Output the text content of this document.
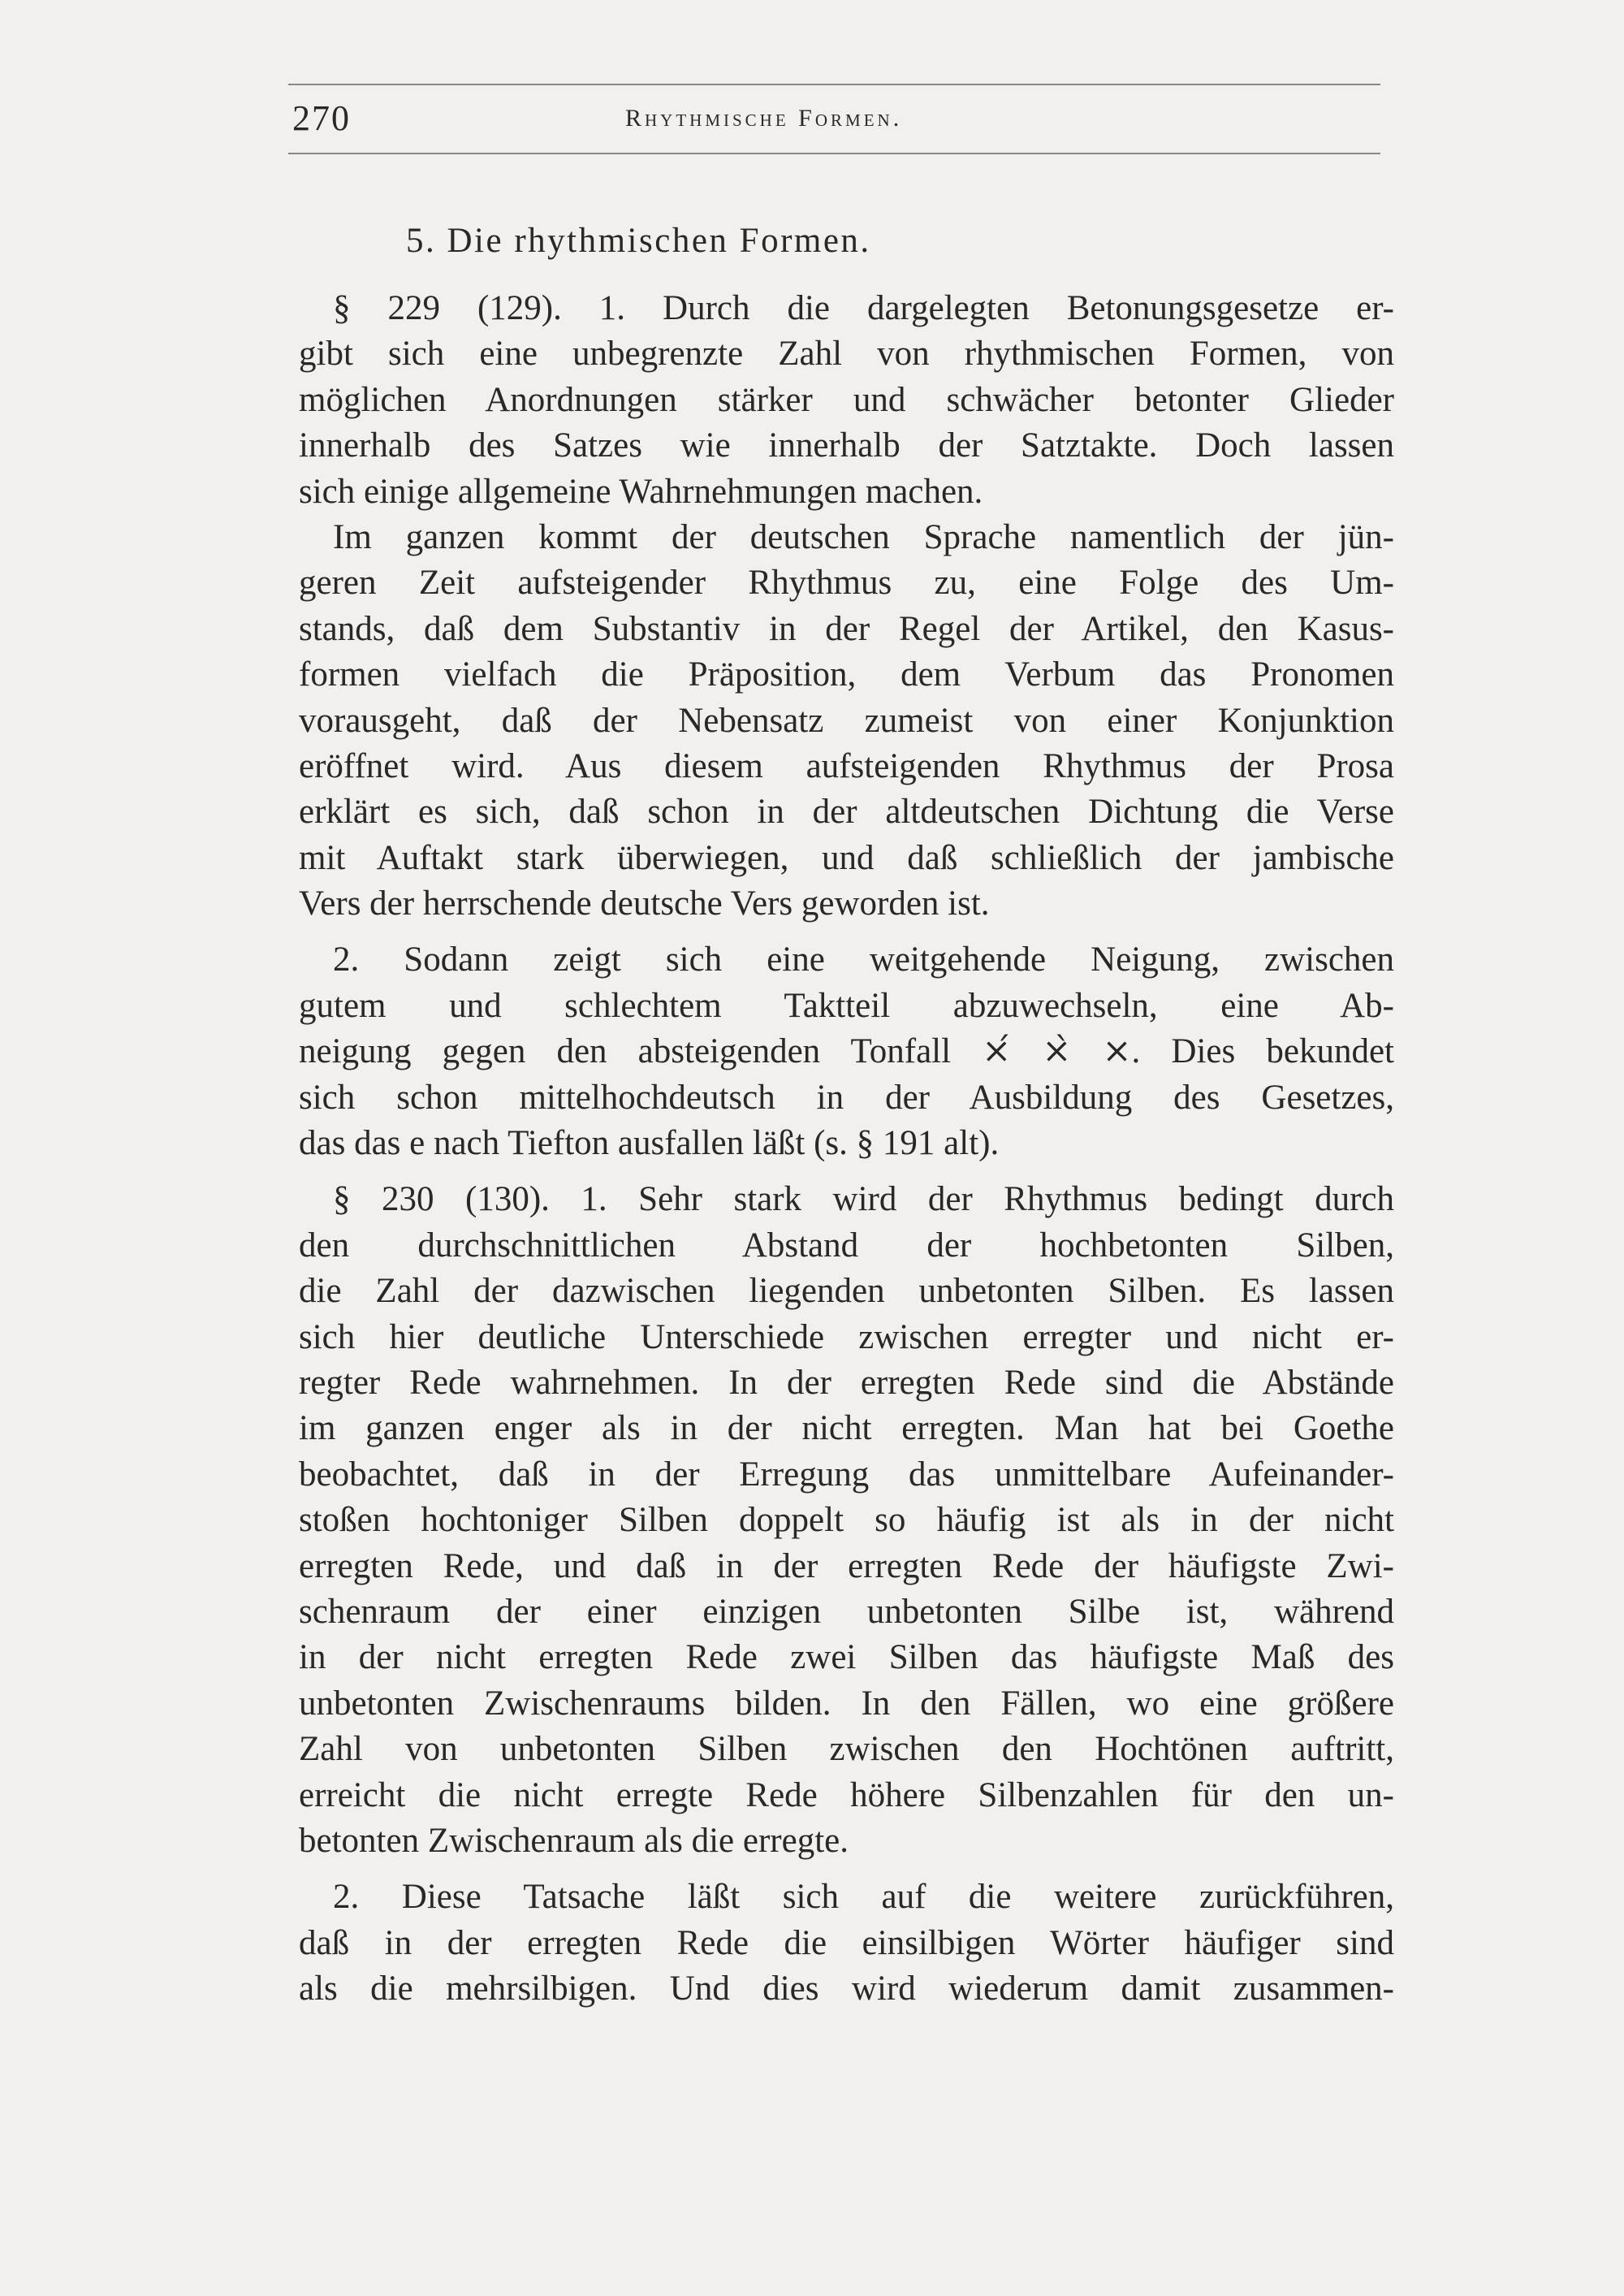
270	Rhythmische Formen.
5. Die rhythmischen Formen.
§ 229 (129). 1. Durch die dargelegten Betonungsgesetze er-
gibt sich eine unbegrenzte Zahl von rhythmischen Formen, von
möglichen Anordnungen stärker und schwächer betonter Glieder
innerhalb des Satzes wie innerhalb der Satztakte. Doch lassen
sich einige allgemeine Wahrnehmungen machen.
Im ganzen kommt der deutschen Sprache namentlich der jün-
geren Zeit aufsteigender Rhythmus zu, eine Folge des Um-
stands, daß dem Substantiv in der Regel der Artikel, den Kasus-
formen vielfach die Präposition, dem Verbum das Pronomen
vorausgeht, daß der Nebensatz zumeist von einer Konjunktion
eröffnet wird. Aus diesem aufsteigenden Rhythmus der Prosa
erklärt es sich, daß schon in der altdeutschen Dichtung die Verse
mit Auftakt stark überwiegen, und daß schließlich der jambische
Vers der herrschende deutsche Vers geworden ist.
2. Sodann zeigt sich eine weitgehende Neigung, zwischen
gutem und schlechtem Taktteil abzuwechseln, eine Ab-
neigung gegen den absteigenden Tonfall ⨯́ ⨯̀ ⨯. Dies bekundet
sich schon mittelhochdeutsch in der Ausbildung des Gesetzes,
das das e nach Tiefton ausfallen läßt (s. § 191 alt).
§ 230 (130). 1. Sehr stark wird der Rhythmus bedingt durch
den durchschnittlichen Abstand der hochbetonten Silben,
die Zahl der dazwischen liegenden unbetonten Silben. Es lassen
sich hier deutliche Unterschiede zwischen erregter und nicht er-
regter Rede wahrnehmen. In der erregten Rede sind die Abstände
im ganzen enger als in der nicht erregten. Man hat bei Goethe
beobachtet, daß in der Erregung das unmittelbare Aufeinander-
stoßen hochtoniger Silben doppelt so häufig ist als in der nicht
erregten Rede, und daß in der erregten Rede der häufigste Zwi-
schenraum der einer einzigen unbetonten Silbe ist, während
in der nicht erregten Rede zwei Silben das häufigste Maß des
unbetonten Zwischenraums bilden. In den Fällen, wo eine größere
Zahl von unbetonten Silben zwischen den Hochtönen auftritt,
erreicht die nicht erregte Rede höhere Silbenzahlen für den un-
betonten Zwischenraum als die erregte.
2. Diese Tatsache läßt sich auf die weitere zurückführen,
daß in der erregten Rede die einsilbigen Wörter häufiger sind
als die mehrsilbigen. Und dies wird wiederum damit zusammen-
